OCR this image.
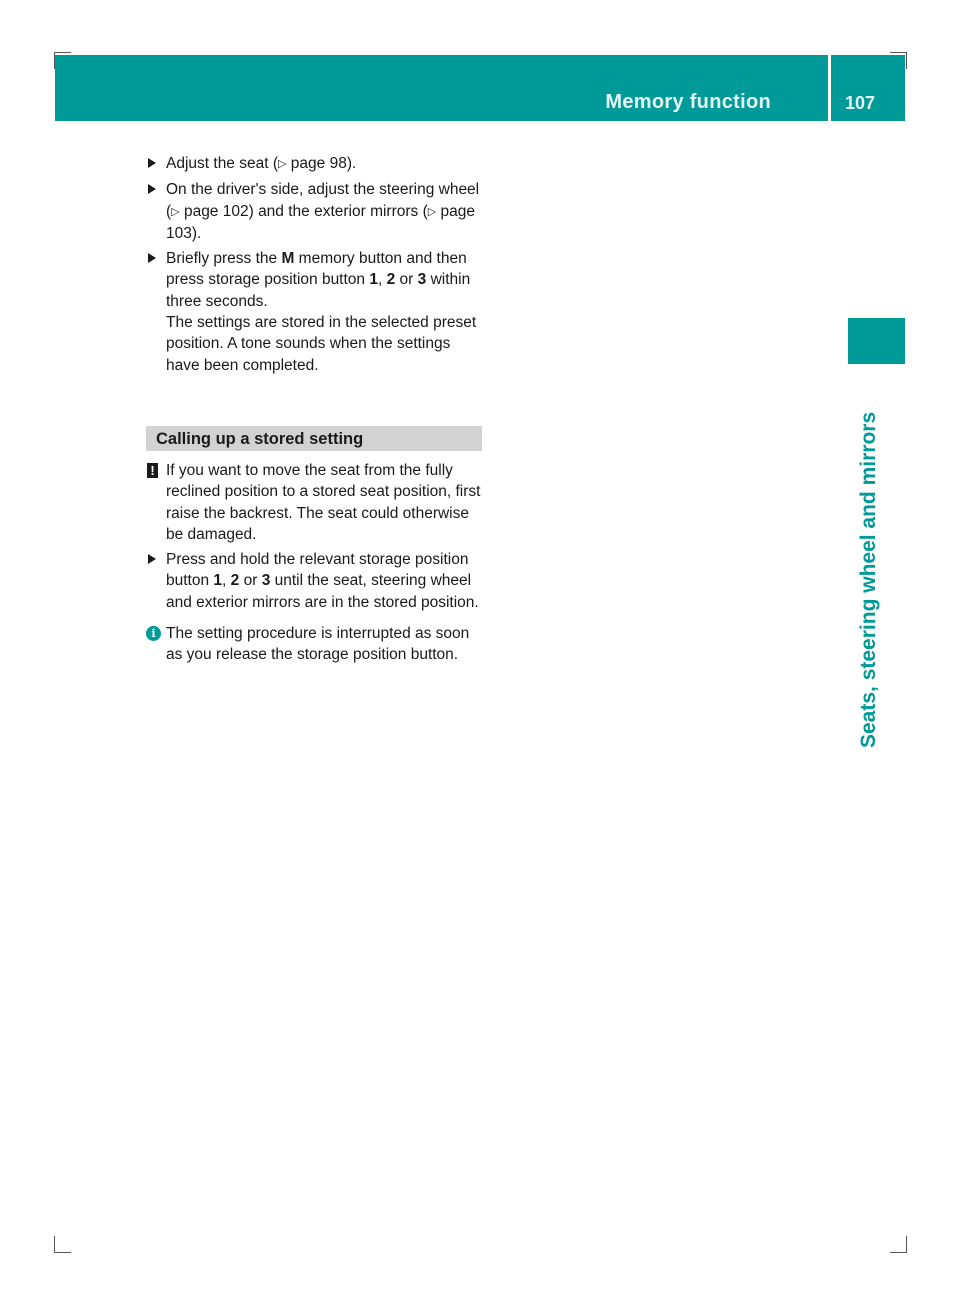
Memory function	107
Seats, steering wheel and mirrors
Adjust the seat (▷ page 98).
On the driver's side, adjust the steering wheel (▷ page 102) and the exterior mirrors (▷ page 103).
Briefly press the M memory button and then press storage position button 1, 2 or 3 within three seconds.
The settings are stored in the selected preset position. A tone sounds when the settings have been completed.
Calling up a stored setting
! If you want to move the seat from the fully reclined position to a stored seat position, first raise the backrest. The seat could otherwise be damaged.
Press and hold the relevant storage position button 1, 2 or 3 until the seat, steering wheel and exterior mirrors are in the stored position.
i The setting procedure is interrupted as soon as you release the storage position button.
